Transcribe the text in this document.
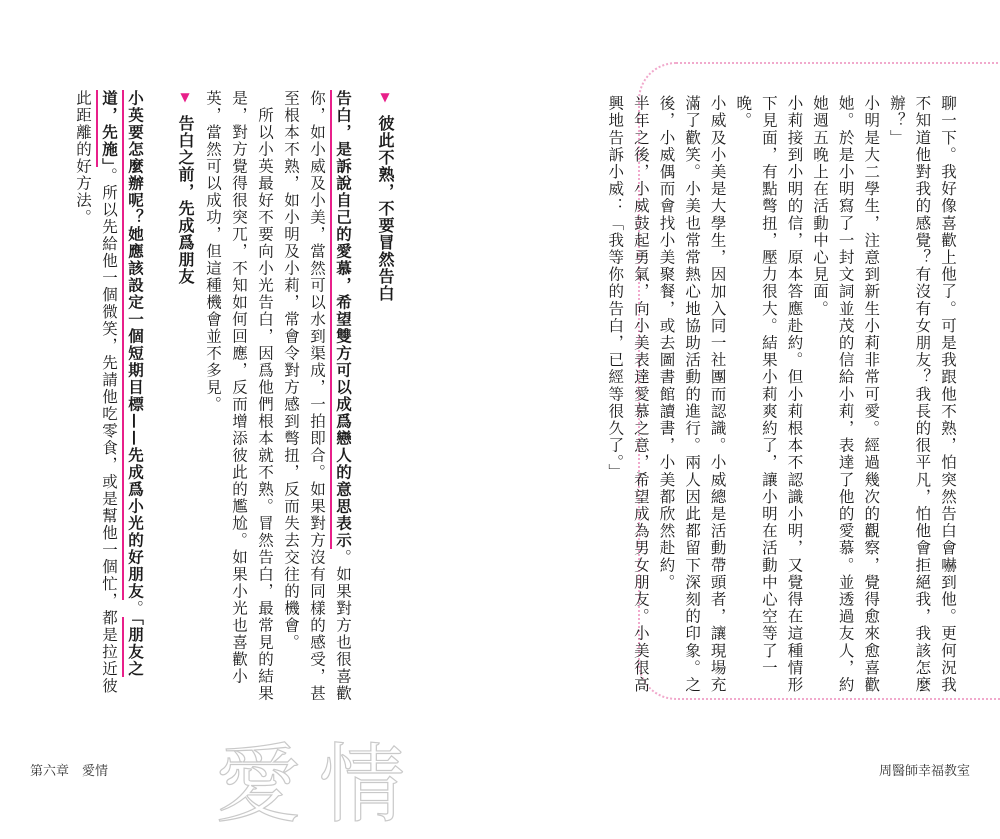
▼彼此不熟，不要冒然告白

告白，是訴說自己的愛慕，希望雙方可以成爲戀人的意思表示。如果對方也很喜歡你，如小威及小美，當然可以水到渠成，一拍即合。如果對方沒有同樣的感受，甚至根本不熟，如小明及小莉，常會令對方感到彆扭，反而失去交往的機會。

　所以小英最好不要向小光告白，因爲他們根本就不熟。冒然告白，最常見的結果是，對方覺得很突兀，不知如何回應，反而增添彼此的尷尬。如果小光也喜歡小英，當然可以成功，但這種機會並不多見。

▼告白之前，先成爲朋友

小英要怎麼辦呢？她應該設定一個短期目標——先成爲小光的好朋友。「朋友之道，先施」。所以先給他一個微笑，先請他吃零食，或是幫他一個忙，都是拉近彼此距離的好方法。	聊一下。我好像喜歡上他了。可是我跟他不熟，怕突然告白會嚇到他。更何況我不知道他對我的感覺？有沒有女朋友？我長的很平凡，怕他會拒絕我，我該怎麼辦？」

小明是大二學生，注意到新生小莉非常可愛。經過幾次的觀察，覺得愈來愈喜歡她。於是小明寫了一封文詞並茂的信給小莉，表達了他的愛慕。並透過友人，約她週五晚上在活動中心見面。

小莉接到小明的信，原本答應赴約。但小莉根本不認識小明，又覺得在這種情形下見面，有點彆扭，壓力很大。結果小莉爽約了，讓小明在活動中心空等了一晚。

小威及小美是大學生，因加入同一社團而認識。小威總是活動帶頭者，讓現場充滿了歡笑。小美也常常熱心地協助活動的進行。兩人因此都留下深刻的印象。之後，小威偶而會找小美聚餐，或去圖書館讀書，小美都欣然赴約。

半年之後，小威鼓起勇氣，向小美表達愛慕之意，希望成為男女朋友。小美很高興地告訴小威：「我等你的告白，已經等很久了。」

愛情
第六章　愛情	周醫師幸福教室
